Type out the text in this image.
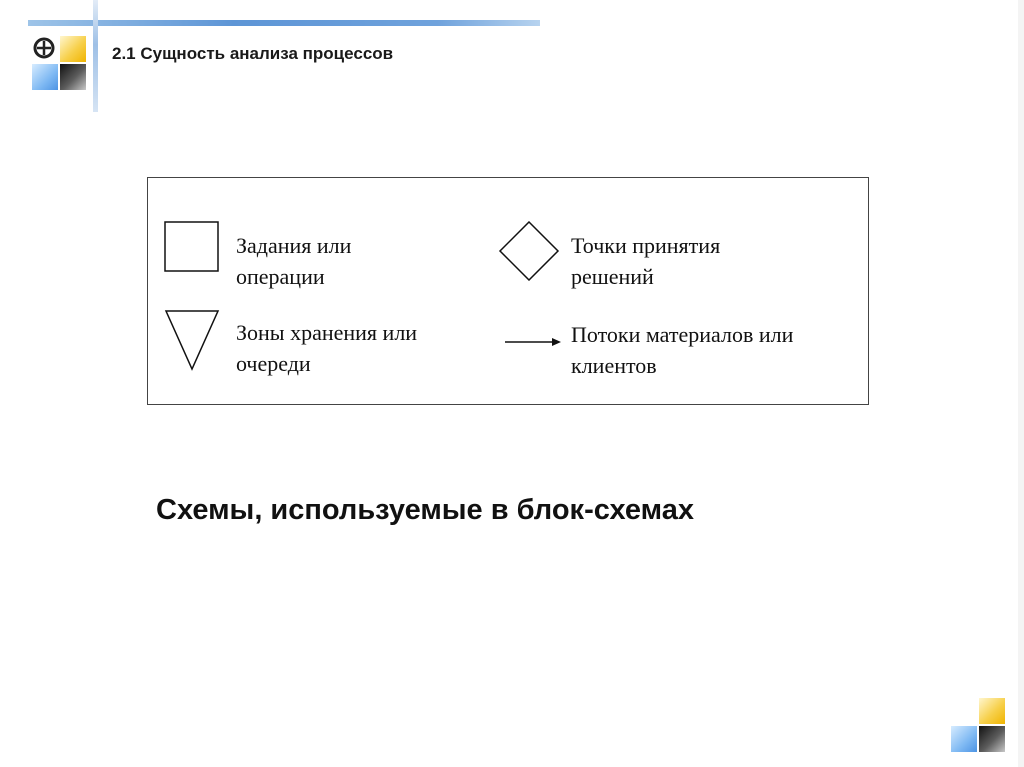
2.1 Сущность анализа процессов
Задания или
операции
Точки принятия
решений
Зоны хранения или
очереди
Потоки материалов или
клиентов
Схемы, используемые в блок-схемах
